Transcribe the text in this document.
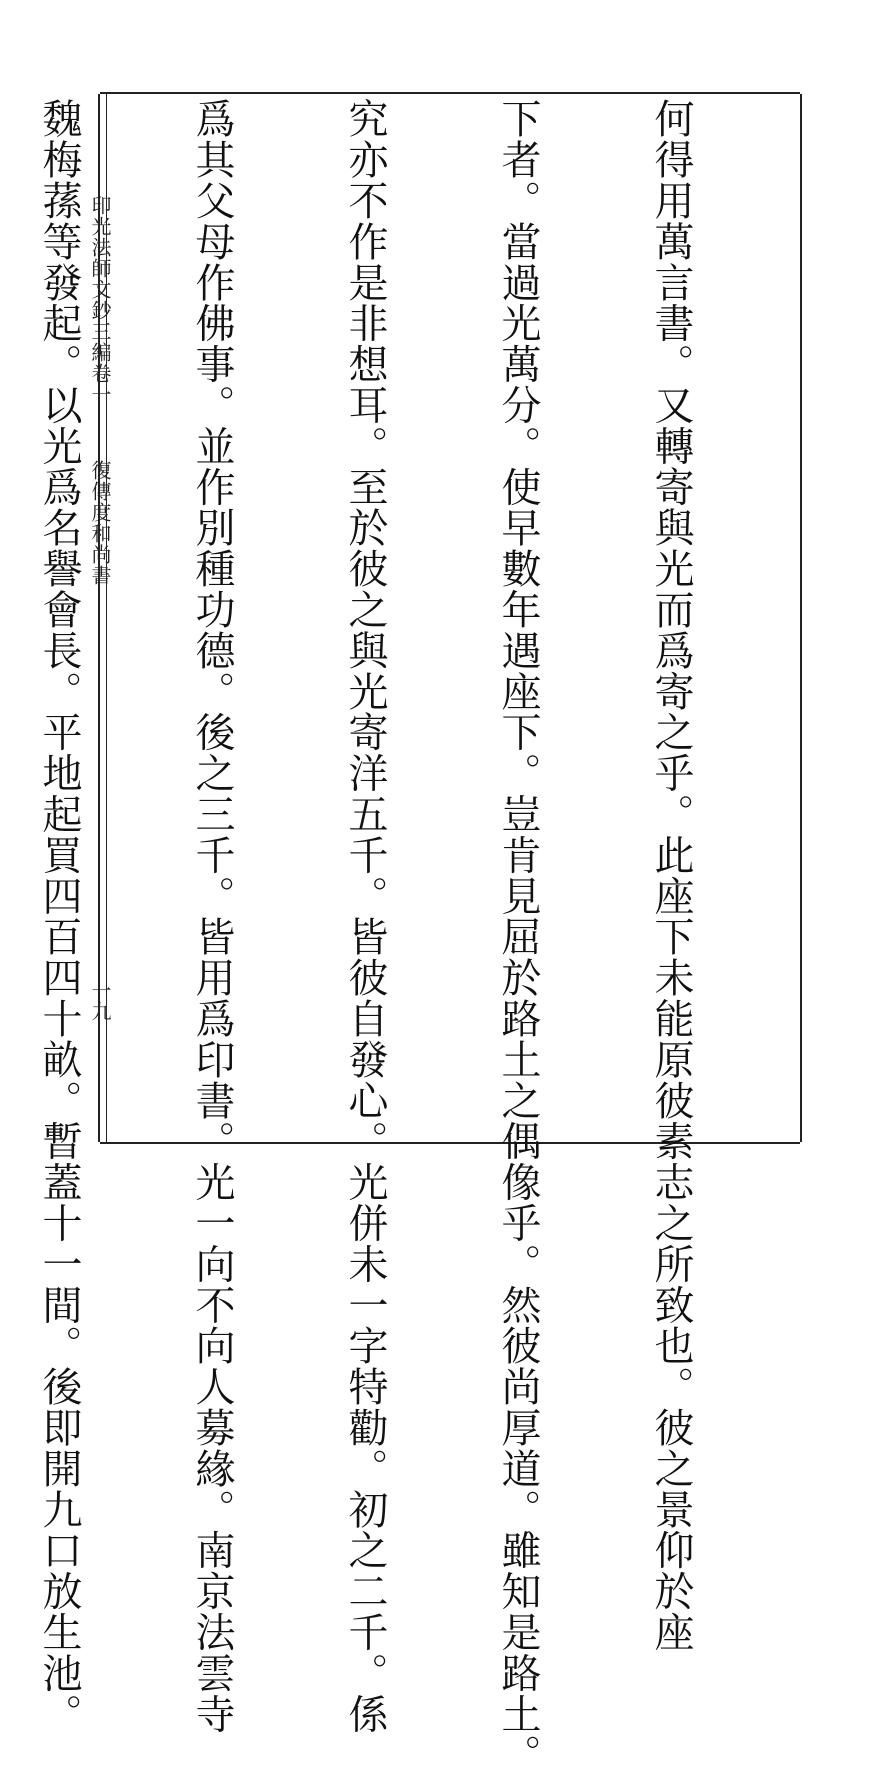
印光法師文鈔三編卷一
復傳度和尚書
一九

	何得用萬言書。又轉寄與光而爲寄之乎。此座下未能原彼素志之所致也。彼之景仰於座

下者。當過光萬分。使早數年遇座下。豈肯見屈於路土之偶像乎。然彼尚厚道。雖知是路土。

究亦不作是非想耳。至於彼之與光寄洋五千。皆彼自發心。光併未一字特勸。初之二千。係

爲其父母作佛事。並作別種功德。後之三千。皆用爲印書。光一向不向人募緣。南京法雲寺

魏梅蓀等發起。以光爲名譽會長。平地起買四百四十畝。暫蓋十一間。後即開九口放生池。
